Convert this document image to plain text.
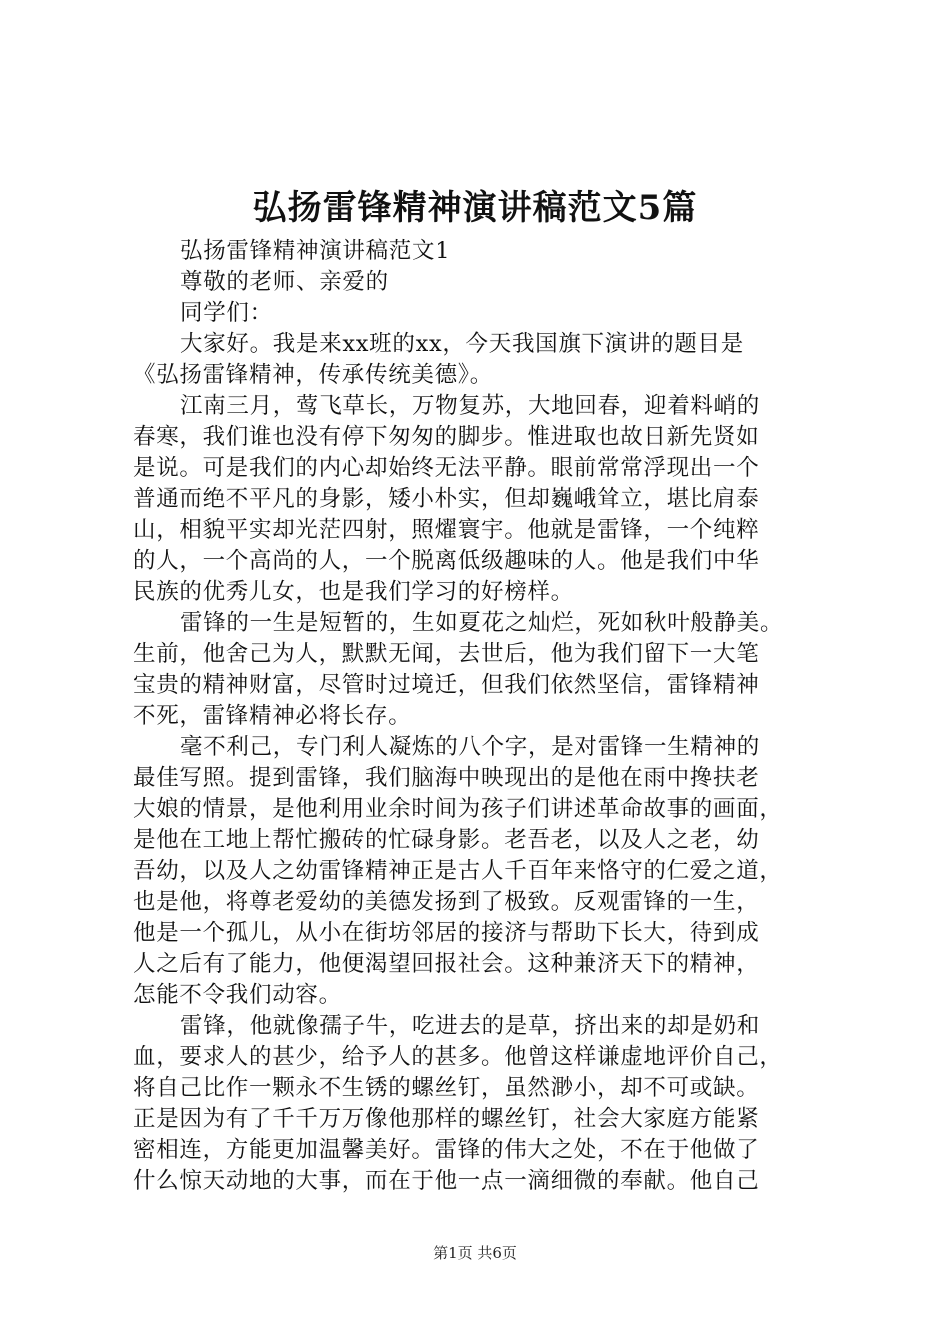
弘扬雷锋精神演讲稿范文5篇
弘扬雷锋精神演讲稿范文1
尊敬的老师、亲爱的
同学们：
大家好。我是来xx班的xx，今天我国旗下演讲的题目是
《弘扬雷锋精神，传承传统美德》。
江南三月，莺飞草长，万物复苏，大地回春，迎着料峭的
春寒，我们谁也没有停下匆匆的脚步。惟进取也故日新先贤如
是说。可是我们的内心却始终无法平静。眼前常常浮现出一个
普通而绝不平凡的身影，矮小朴实，但却巍峨耸立，堪比肩泰
山，相貌平实却光茫四射，照燿寰宇。他就是雷锋，一个纯粹
的人，一个高尚的人，一个脱离低级趣味的人。他是我们中华
民族的优秀儿女，也是我们学习的好榜样。
雷锋的一生是短暂的，生如夏花之灿烂，死如秋叶般静美。
生前，他舍己为人，默默无闻，去世后，他为我们留下一大笔
宝贵的精神财富，尽管时过境迁，但我们依然坚信，雷锋精神
不死，雷锋精神必将长存。
毫不利己，专门利人凝炼的八个字，是对雷锋一生精神的
最佳写照。提到雷锋，我们脑海中映现出的是他在雨中搀扶老
大娘的情景，是他利用业余时间为孩子们讲述革命故事的画面，
是他在工地上帮忙搬砖的忙碌身影。老吾老，以及人之老，幼
吾幼，以及人之幼雷锋精神正是古人千百年来恪守的仁爱之道，
也是他，将尊老爱幼的美德发扬到了极致。反观雷锋的一生，
他是一个孤儿，从小在街坊邻居的接济与帮助下长大，待到成
人之后有了能力，他便渴望回报社会。这种兼济天下的精神，
怎能不令我们动容。
雷锋，他就像孺子牛，吃进去的是草，挤出来的却是奶和
血，要求人的甚少，给予人的甚多。他曾这样谦虚地评价自己，
将自己比作一颗永不生锈的螺丝钉，虽然渺小，却不可或缺。
正是因为有了千千万万像他那样的螺丝钉，社会大家庭方能紧
密相连，方能更加温馨美好。雷锋的伟大之处，不在于他做了
什么惊天动地的大事，而在于他一点一滴细微的奉献。他自己
第1页 共6页
